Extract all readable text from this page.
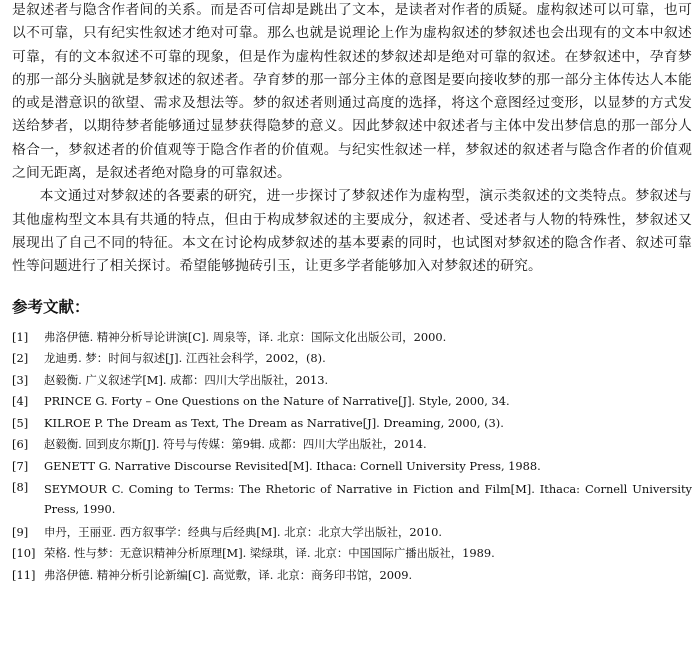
是叙述者与隐含作者间的关系。而是否可信却是跳出了文本，是读者对作者的质疑。虚构叙述可以可靠，也可以不可靠，只有纪实性叙述才绝对可靠。那么也就是说理论上作为虚构叙述的梦叙述也会出现有的文本中叙述可靠，有的文本叙述不可靠的现象，但是作为虚构性叙述的梦叙述却是绝对可靠的叙述。在梦叙述中，孕育梦的那一部分头脑就是梦叙述的叙述者。孕育梦的那一部分主体的意图是要向接收梦的那一部分主体传达人本能的或是潜意识的欲望、需求及想法等。梦的叙述者则通过高度的选择，将这个意图经过变形，以显梦的方式发送给梦者，以期待梦者能够通过显梦获得隐梦的意义。因此梦叙述中叙述者与主体中发出梦信息的那一部分人格合一，梦叙述者的价值观等于隐含作者的价值观。与纪实性叙述一样，梦叙述的叙述者与隐含作者的价值观之间无距离，是叙述者绝对隐身的可靠叙述。

本文通过对梦叙述的各要素的研究，进一步探讨了梦叙述作为虚构型，演示类叙述的文类特点。梦叙述与其他虚构型文本具有共通的特点，但由于构成梦叙述的主要成分，叙述者、受述者与人物的特殊性，梦叙述又展现出了自己不同的特征。本文在讨论构成梦叙述的基本要素的同时，也试图对梦叙述的隐含作者、叙述可靠性等问题进行了相关探讨。希望能够抛砖引玉，让更多学者能够加入对梦叙述的研究。

参考文献：
[1]	弗洛伊德. 精神分析导论讲演[C]. 周泉等，译. 北京：国际文化出版公司，2000.
[2]	龙迪勇. 梦：时间与叙述[J]. 江西社会科学，2002，(8).
[3]	赵毅衡. 广义叙述学[M]. 成都：四川大学出版社，2013.
[4]	PRINCE G. Forty – One Questions on the Nature of Narrative[J]. Style, 2000, 34.
[5]	KILROE P. The Dream as Text, The Dream as Narrative[J]. Dreaming, 2000, (3).
[6]	赵毅衡. 回到皮尔斯[J]. 符号与传媒：第9辑. 成都：四川大学出版社，2014.
[7]	GENETT G. Narrative Discourse Revisited[M]. Ithaca: Cornell University Press, 1988.
[8]	SEYMOUR C. Coming to Terms: The Rhetoric of Narrative in Fiction and Film[M]. Ithaca: Cornell University Press, 1990.
[9]	申丹，王丽亚. 西方叙事学：经典与后经典[M]. 北京：北京大学出版社，2010.
[10] 荣格. 性与梦：无意识精神分析原理[M]. 梁绿琪，译. 北京：中国国际广播出版社，1989.
[11] 弗洛伊德. 精神分析引论新编[C]. 高觉敷，译. 北京：商务印书馆，2009.
